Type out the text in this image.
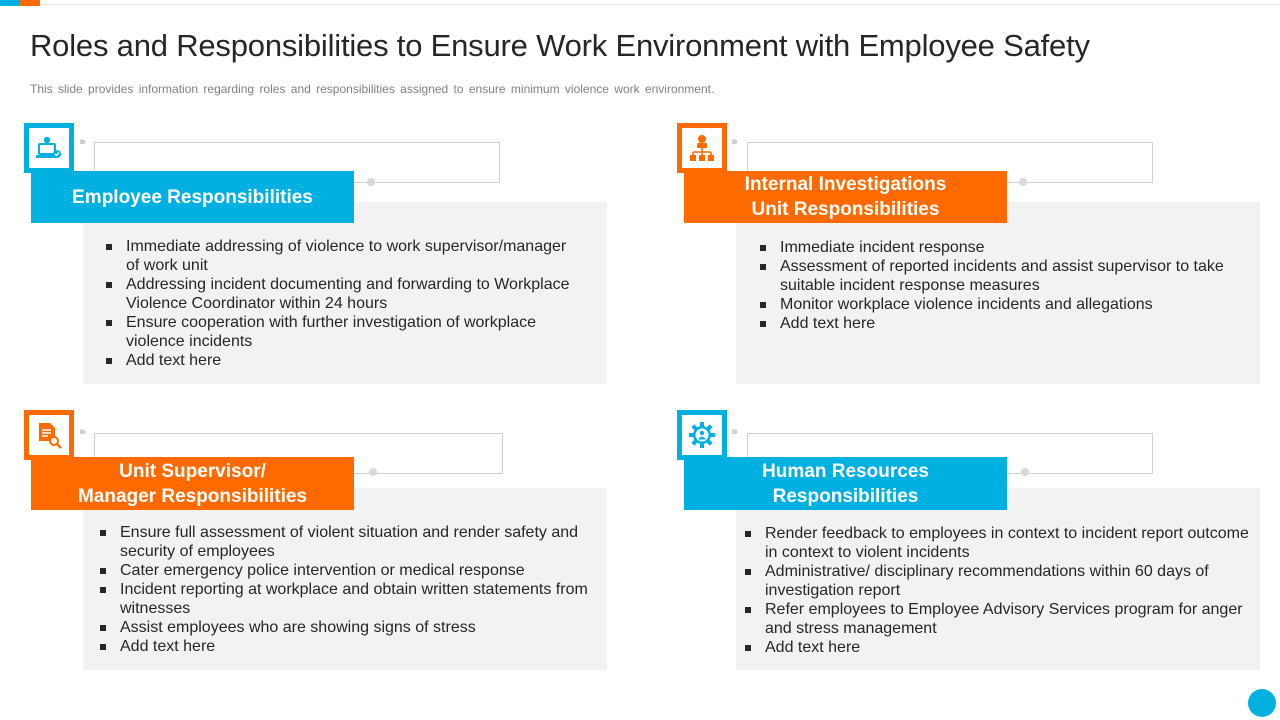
Roles and Responsibilities to Ensure Work Environment with Employee Safety
This slide provides information regarding roles and responsibilities assigned to ensure minimum violence work environment.
›››
Employee Responsibilities
Immediate addressing of violence to work supervisor/manager of work unit
Addressing incident documenting and forwarding to Workplace Violence Coordinator within 24 hours
Ensure cooperation with further investigation of workplace violence incidents
Add text here
›››
Internal Investigations
Unit Responsibilities
Immediate incident response
Assessment of reported incidents and assist supervisor to take suitable incident response measures
Monitor workplace violence incidents and allegations
Add text here
›››
Unit Supervisor/
Manager Responsibilities
Ensure full assessment of violent situation and render safety and security of employees
Cater emergency police intervention or medical response
Incident reporting at workplace and obtain written statements from witnesses
Assist employees who are showing signs of stress
Add text here
›››
Human Resources
Responsibilities
Render feedback to employees in context to incident report outcome in context to violent incidents
Administrative/ disciplinary recommendations within 60 days of investigation report
Refer employees to Employee Advisory Services program for anger and stress management
Add text here
